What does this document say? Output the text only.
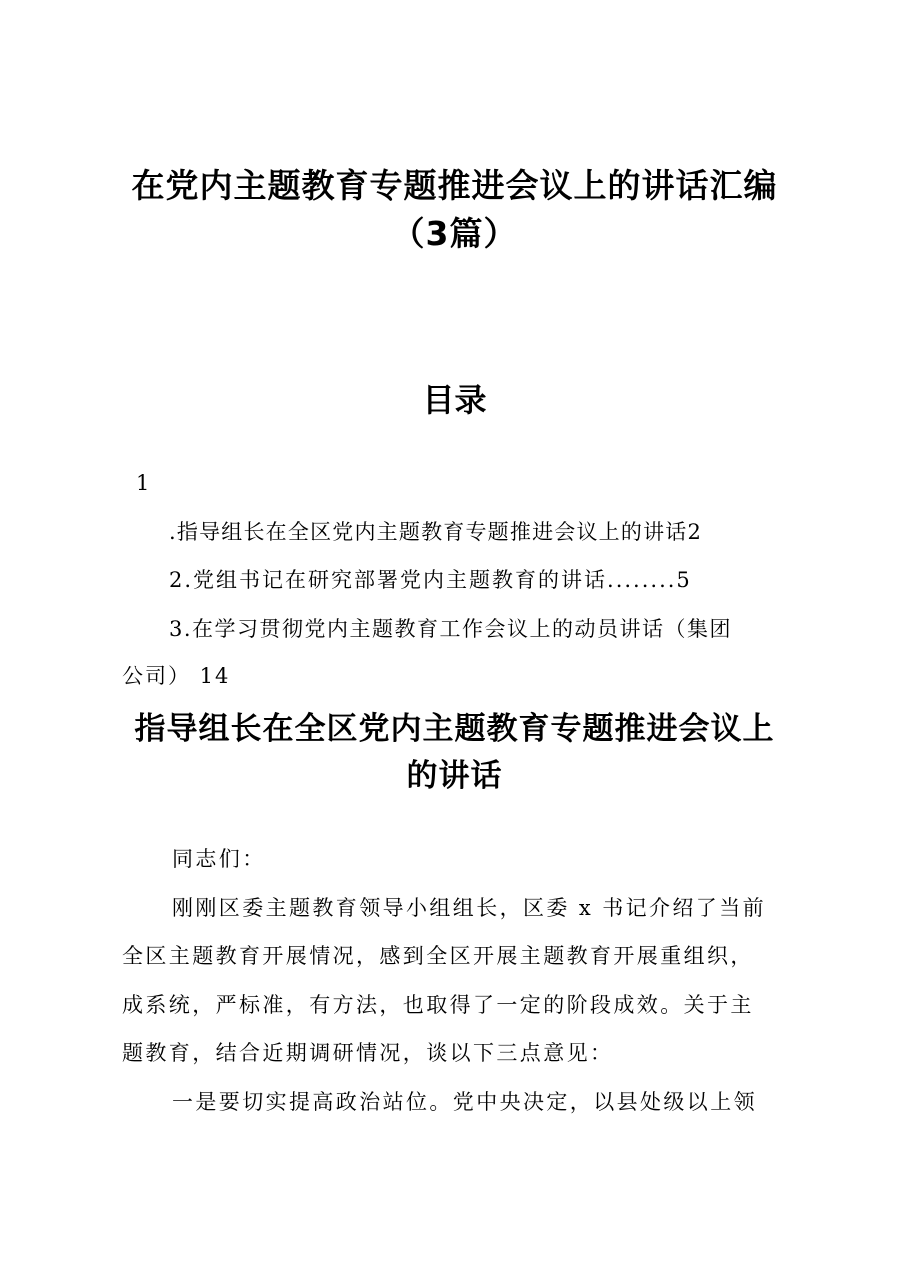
在党内主题教育专题推进会议上的讲话汇编
（3篇）
目录
1
.指导组长在全区党内主题教育专题推进会议上的讲话2
2.党组书记在研究部署党内主题教育的讲话........5
3.在学习贯彻党内主题教育工作会议上的动员讲话（集团
公司） 14
指导组长在全区党内主题教育专题推进会议上
的讲话
同志们：
刚刚区委主题教育领导小组组长，区委 x 书记介绍了当前
全区主题教育开展情况，感到全区开展主题教育开展重组织，
成系统，严标准，有方法，也取得了一定的阶段成效。关于主
题教育，结合近期调研情况，谈以下三点意见：
一是要切实提高政治站位。党中央决定，以县处级以上领
